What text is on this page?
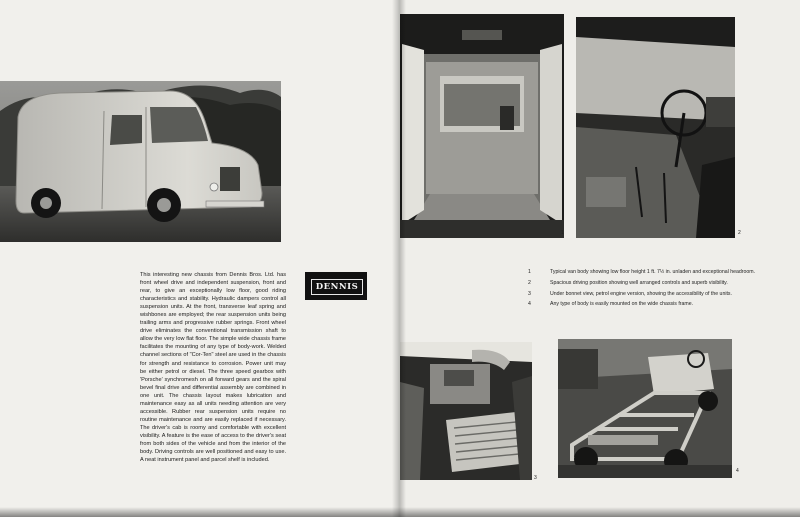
This interesting new chassis from Dennis Bros. Ltd. has front wheel drive and independent suspension, front and rear, to give an exceptionally low floor, good riding characteristics and stability. Hydraulic dampers control all suspension units. At the front, transverse leaf spring and wishbones are employed; the rear suspension units being trailing arms and progressive rubber springs. Front wheel drive eliminates the conventional transmission shaft to allow the very low flat floor. The simple wide chassis frame facilitates the mounting of any type of body-work. Welded channel sections of "Cor-Ten" steel are used in the chassis for strength and resistance to corrosion. Power unit may be either petrol or diesel. The three speed gearbox with 'Porsche' synchromesh on all forward gears and the spiral bevel final drive and differential assembly are combined in one unit. The chassis layout makes lubrication and maintenance easy as all units needing attention are very accessible. Rubber rear suspension units require no routine maintenance and are easily replaced if necessary. The driver's cab is roomy and comfortable with excellent visibility. A feature is the ease of access to the driver's seat from both sides of the vehicle and from the interior of the body. Driving controls are well positioned and easy to use. A neat instrument panel and parcel shelf is included.
DENNIS
1	2
1	Typical van body showing low floor height 1 ft. 7½ in. unladen and exceptional headroom.
2	Spacious driving position showing well arranged controls and superb visibility.
3	Under bonnet view, petrol engine version, showing the accessibility of the units.
4	Any type of body is easily mounted on the wide chassis frame.
3
4
